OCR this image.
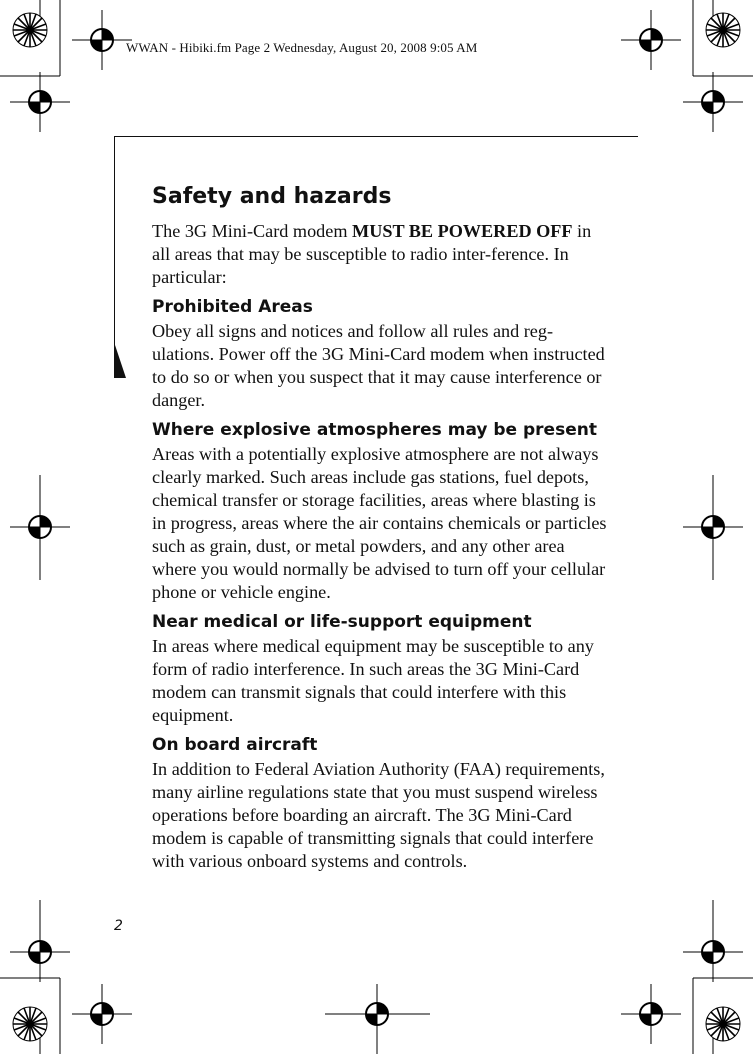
WWAN - Hibiki.fm Page 2 Wednesday, August 20, 2008 9:05 AM
Safety and hazards

The 3G Mini-Card modem MUST BE POWERED OFF in all areas that may be susceptible to radio inter-ference. In particular:

Prohibited Areas

Obey all signs and notices and follow all rules and reg-ulations. Power off the 3G Mini-Card modem when instructed to do so or when you suspect that it may cause interference or danger.

Where explosive atmospheres may be present

Areas with a potentially explosive atmosphere are not always clearly marked. Such areas include gas stations, fuel depots, chemical transfer or storage facilities, areas where blasting is in progress, areas where the air contains chemicals or particles such as grain, dust, or metal powders, and any other area where you would normally be advised to turn off your cellular phone or vehicle engine.

Near medical or life-support equipment

In areas where medical equipment may be susceptible to any form of radio interference. In such areas the 3G Mini-Card modem can transmit signals that could interfere with this equipment.

On board aircraft

In addition to Federal Aviation Authority (FAA) requirements, many airline regulations state that you must suspend wireless operations before boarding an aircraft. The 3G Mini-Card modem is capable of transmitting signals that could interfere with various onboard systems and controls.

2
